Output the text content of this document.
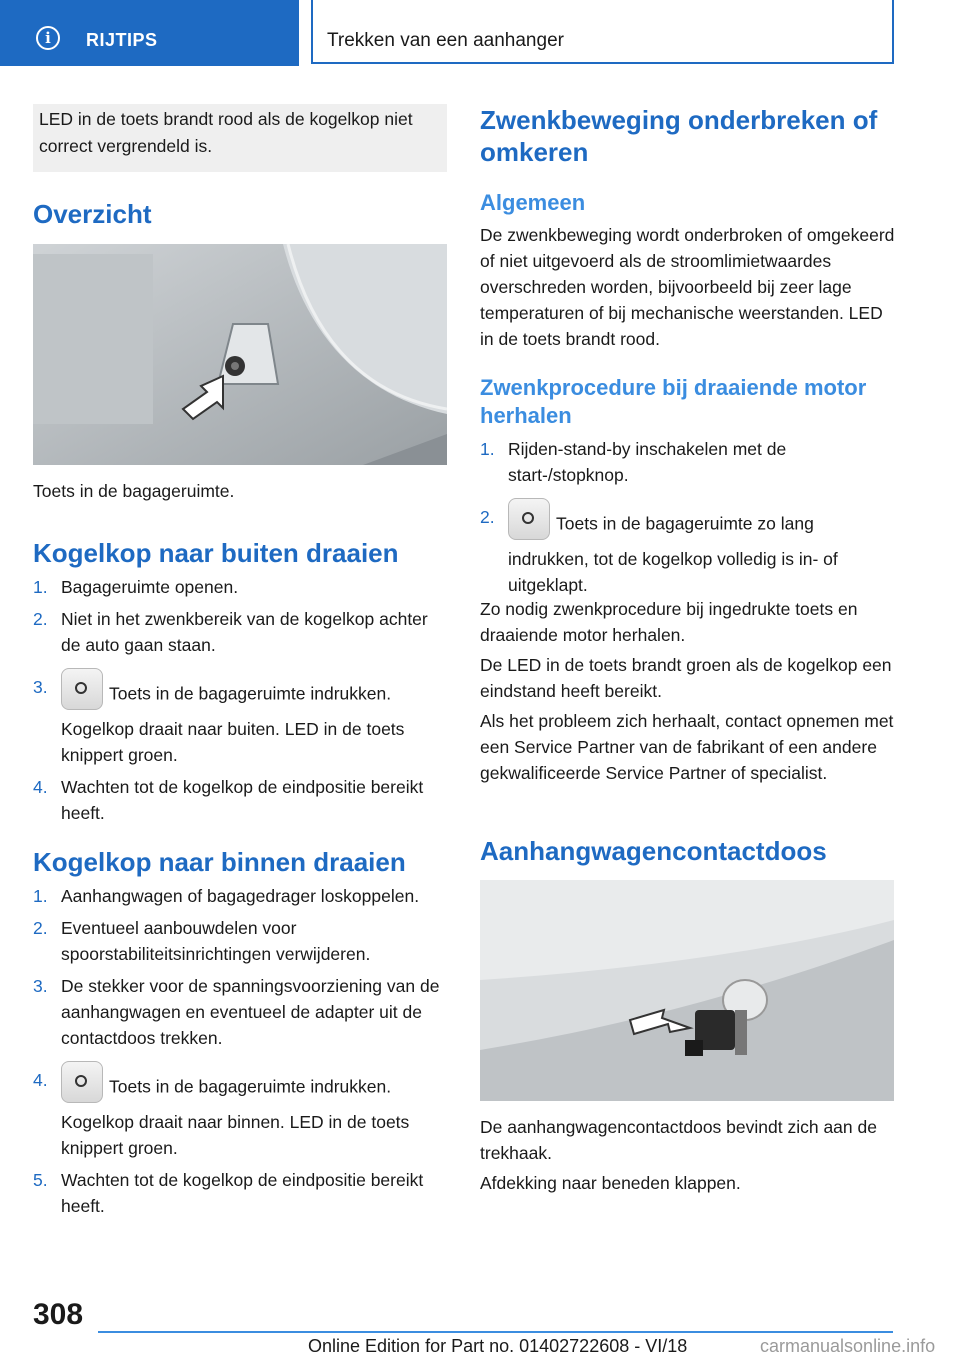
i	RIJTIPS	Trekken van een aanhanger
LED in de toets brandt rood als de kogelkop niet correct vergrendeld is.
Overzicht

Toets in de bagageruimte.

Kogelkop naar buiten draaien
1. Bagageruimte openen.
2. Niet in het zwenkbereik van de kogelkop achter de auto gaan staan.
3.	Toets in de bagageruimte indrukken.
Kogelkop draait naar buiten. LED in de toets knippert groen.
4. Wachten tot de kogelkop de eindpositie bereikt heeft.
Kogelkop naar binnen draaien
1. Aanhangwagen of bagagedrager loskoppelen.
2. Eventueel aanbouwdelen voor spoorstabiliteitsinrichtingen verwijderen.
3. De stekker voor de spanningsvoorziening van de aanhangwagen en eventueel de adapter uit de contactdoos trekken.
4.	Toets in de bagageruimte indrukken.
Kogelkop draait naar binnen. LED in de toets knippert groen.
5. Wachten tot de kogelkop de eindpositie bereikt heeft.
Zwenkbeweging onderbreken of omkeren
Algemeen

De zwenkbeweging wordt onderbroken of omgekeerd of niet uitgevoerd als de stroomlimietwaardes overschreden worden, bijvoorbeeld bij zeer lage temperaturen of bij mechanische weerstanden. LED in de toets brandt rood.

Zwenkprocedure bij draaiende motor herhalen
1. Rijden-stand-by inschakelen met de start-/stopknop.
2.	Toets in de bagageruimte zo lang indrukken, tot de kogelkop volledig is in- of uitgeklapt.

Zo nodig zwenkprocedure bij ingedrukte toets en draaiende motor herhalen.

De LED in de toets brandt groen als de kogelkop een eindstand heeft bereikt.

Als het probleem zich herhaalt, contact opnemen met een Service Partner van de fabrikant of een andere gekwalificeerde Service Partner of specialist.

Aanhangwagencontactdoos

De aanhangwagencontactdoos bevindt zich aan de trekhaak.

Afdekking naar beneden klappen.

308
Online Edition for Part no. 01402722608 - VI/18	carmanualsonline.info
